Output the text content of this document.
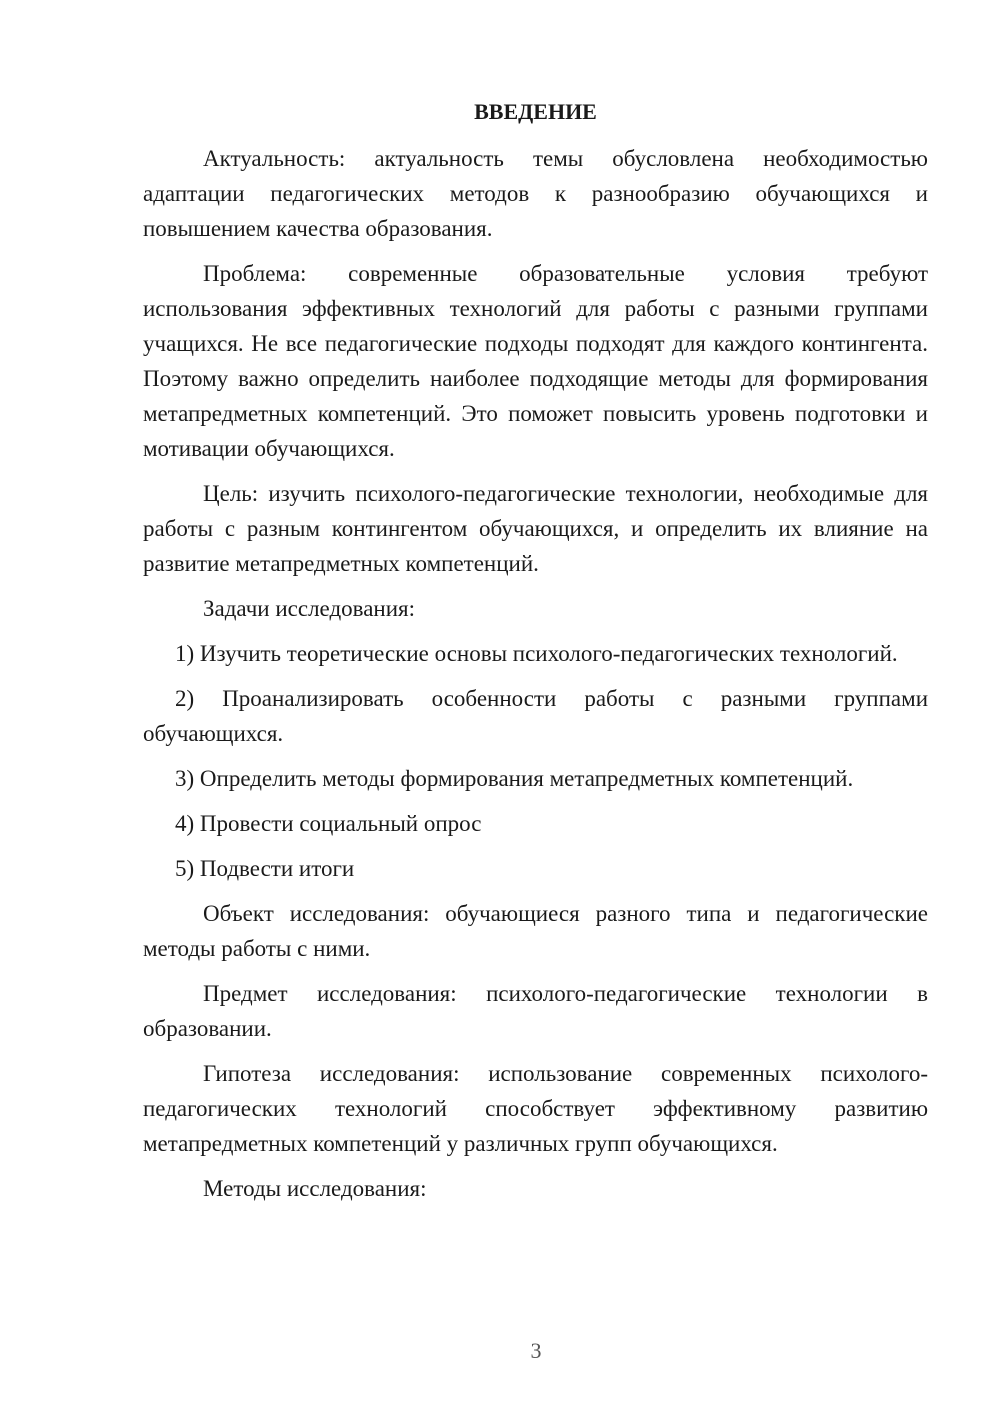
ВВЕДЕНИЕ

Актуальность: актуальность темы обусловлена необходимостью адаптации педагогических методов к разнообразию обучающихся и повышением качества образования.

Проблема: современные образовательные условия требуют использования эффективных технологий для работы с разными группами учащихся. Не все педагогические подходы подходят для каждого контингента. Поэтому важно определить наиболее подходящие методы для формирования метапредметных компетенций. Это поможет повысить уровень подготовки и мотивации обучающихся.

Цель: изучить психолого-педагогические технологии, необходимые для работы с разным контингентом обучающихся, и определить их влияние на развитие метапредметных компетенций.

Задачи исследования:

1) Изучить теоретические основы психолого-педагогических технологий.

2) Проанализировать особенности работы с разными группами обучающихся.

3) Определить методы формирования метапредметных компетенций.

4) Провести социальный опрос

5) Подвести итоги

Объект исследования: обучающиеся разного типа и педагогические методы работы с ними.

Предмет исследования: психолого-педагогические технологии в образовании.

Гипотеза исследования: использование современных психолого-педагогических технологий способствует эффективному развитию метапредметных компетенций у различных групп обучающихся.

Методы исследования:

3
